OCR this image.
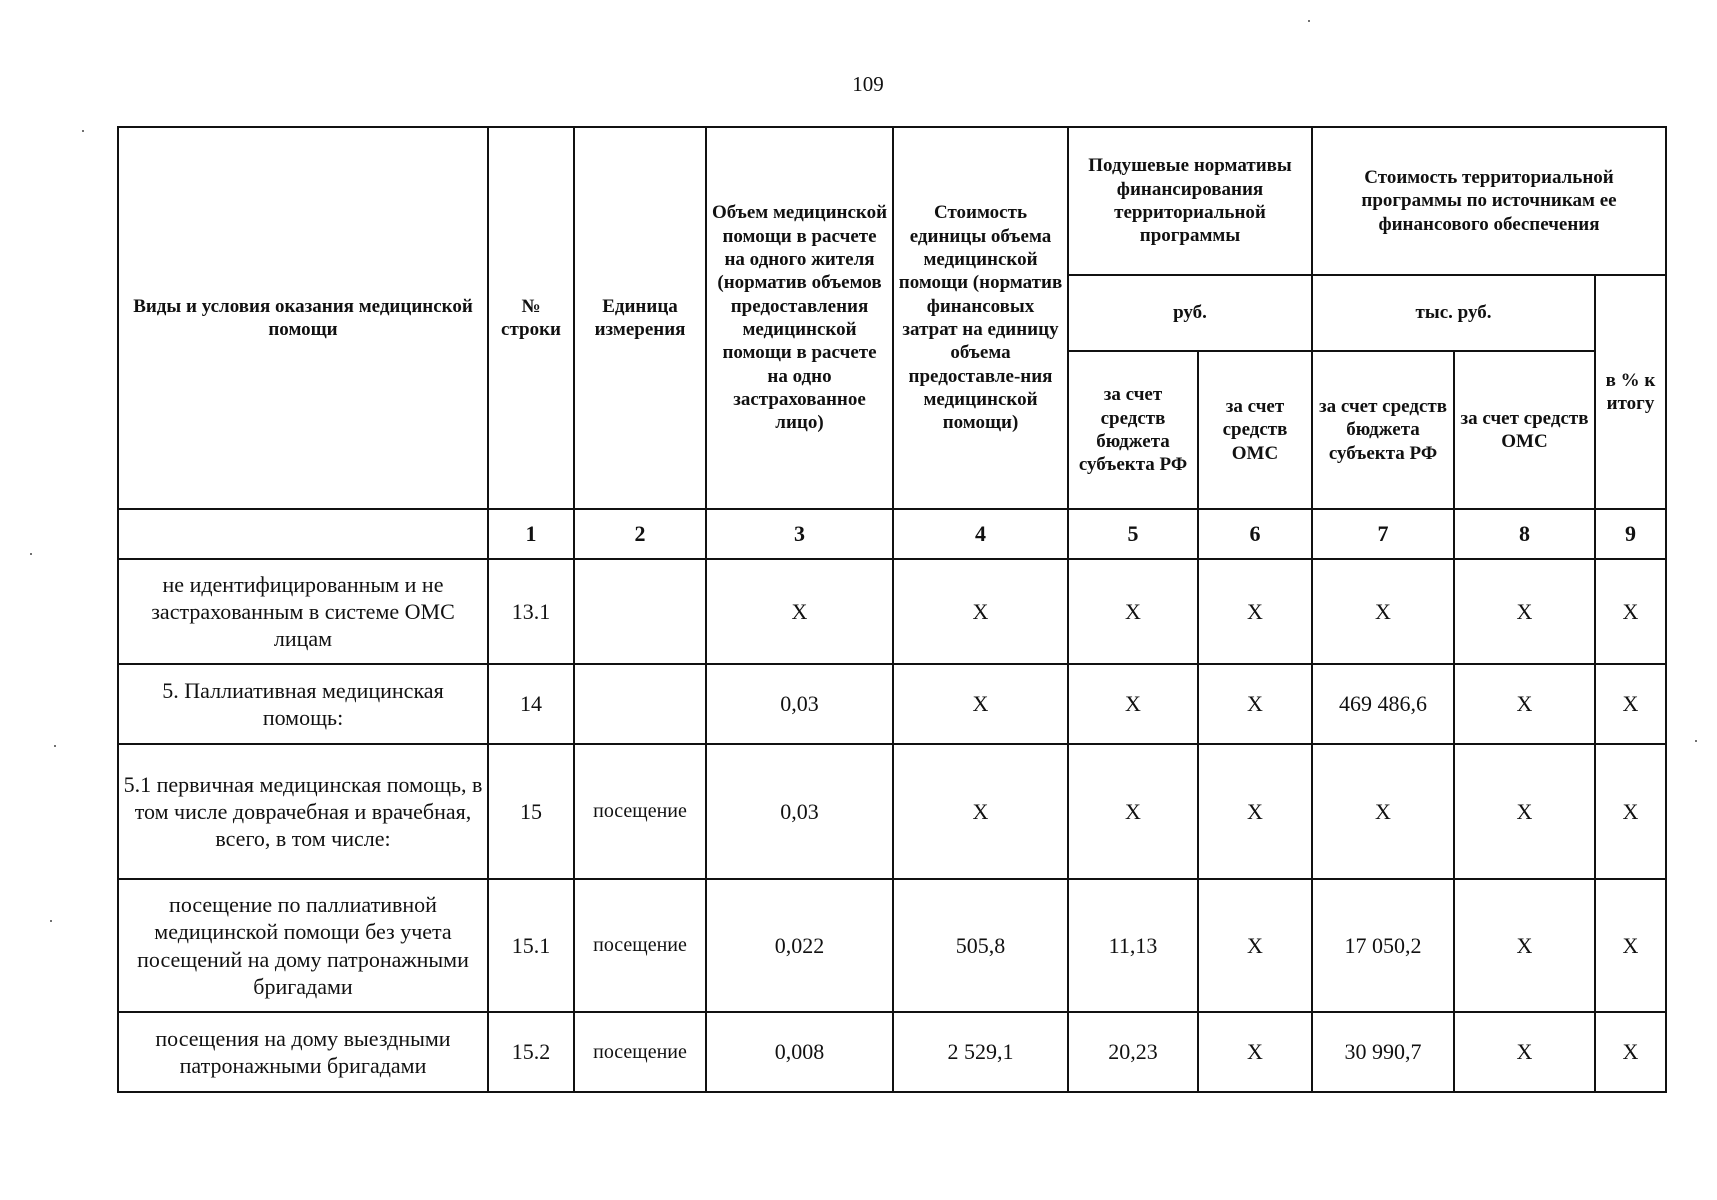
109
Виды и условия оказания медицинской помощи	№ строки	Единица измерения	Объем медицинской помощи в расчете на одного жителя (норматив объемов предоставления медицинской помощи в расчете на одно застрахованное лицо)	Стоимость единицы объема медицинской помощи (норматив финансовых затрат на единицу объема предоставле-ния медицинской помощи)	Подушевые нормативы финансирования территориальной программы		Стоимость территориальной программы по источникам ее финансового обеспечения		
					руб.		тыс. руб.		в % к итогу
					за счет средств бюджета субъекта РФ	за счет средств ОМС	за счет средств бюджета субъекта РФ	за счет средств ОМС	
	1	2	3	4	5	6	7	8	9
не идентифицированным и не застрахованным в системе ОМС лицам	13.1		X	X	X	X	X	X	X
5. Паллиативная медицинская помощь:	14		0,03	X	X	X	469 486,6	X	X
5.1 первичная медицинская помощь, в том числе доврачебная и врачебная, всего, в том числе:	15	посещение	0,03	X	X	X	X	X	X
посещение по паллиативной медицинской помощи без учета посещений на дому патронажными бригадами	15.1	посещение	0,022	505,8	11,13	X	17 050,2	X	X
посещения на дому выездными патронажными бригадами	15.2	посещение	0,008	2 529,1	20,23	X	30 990,7	X	X
